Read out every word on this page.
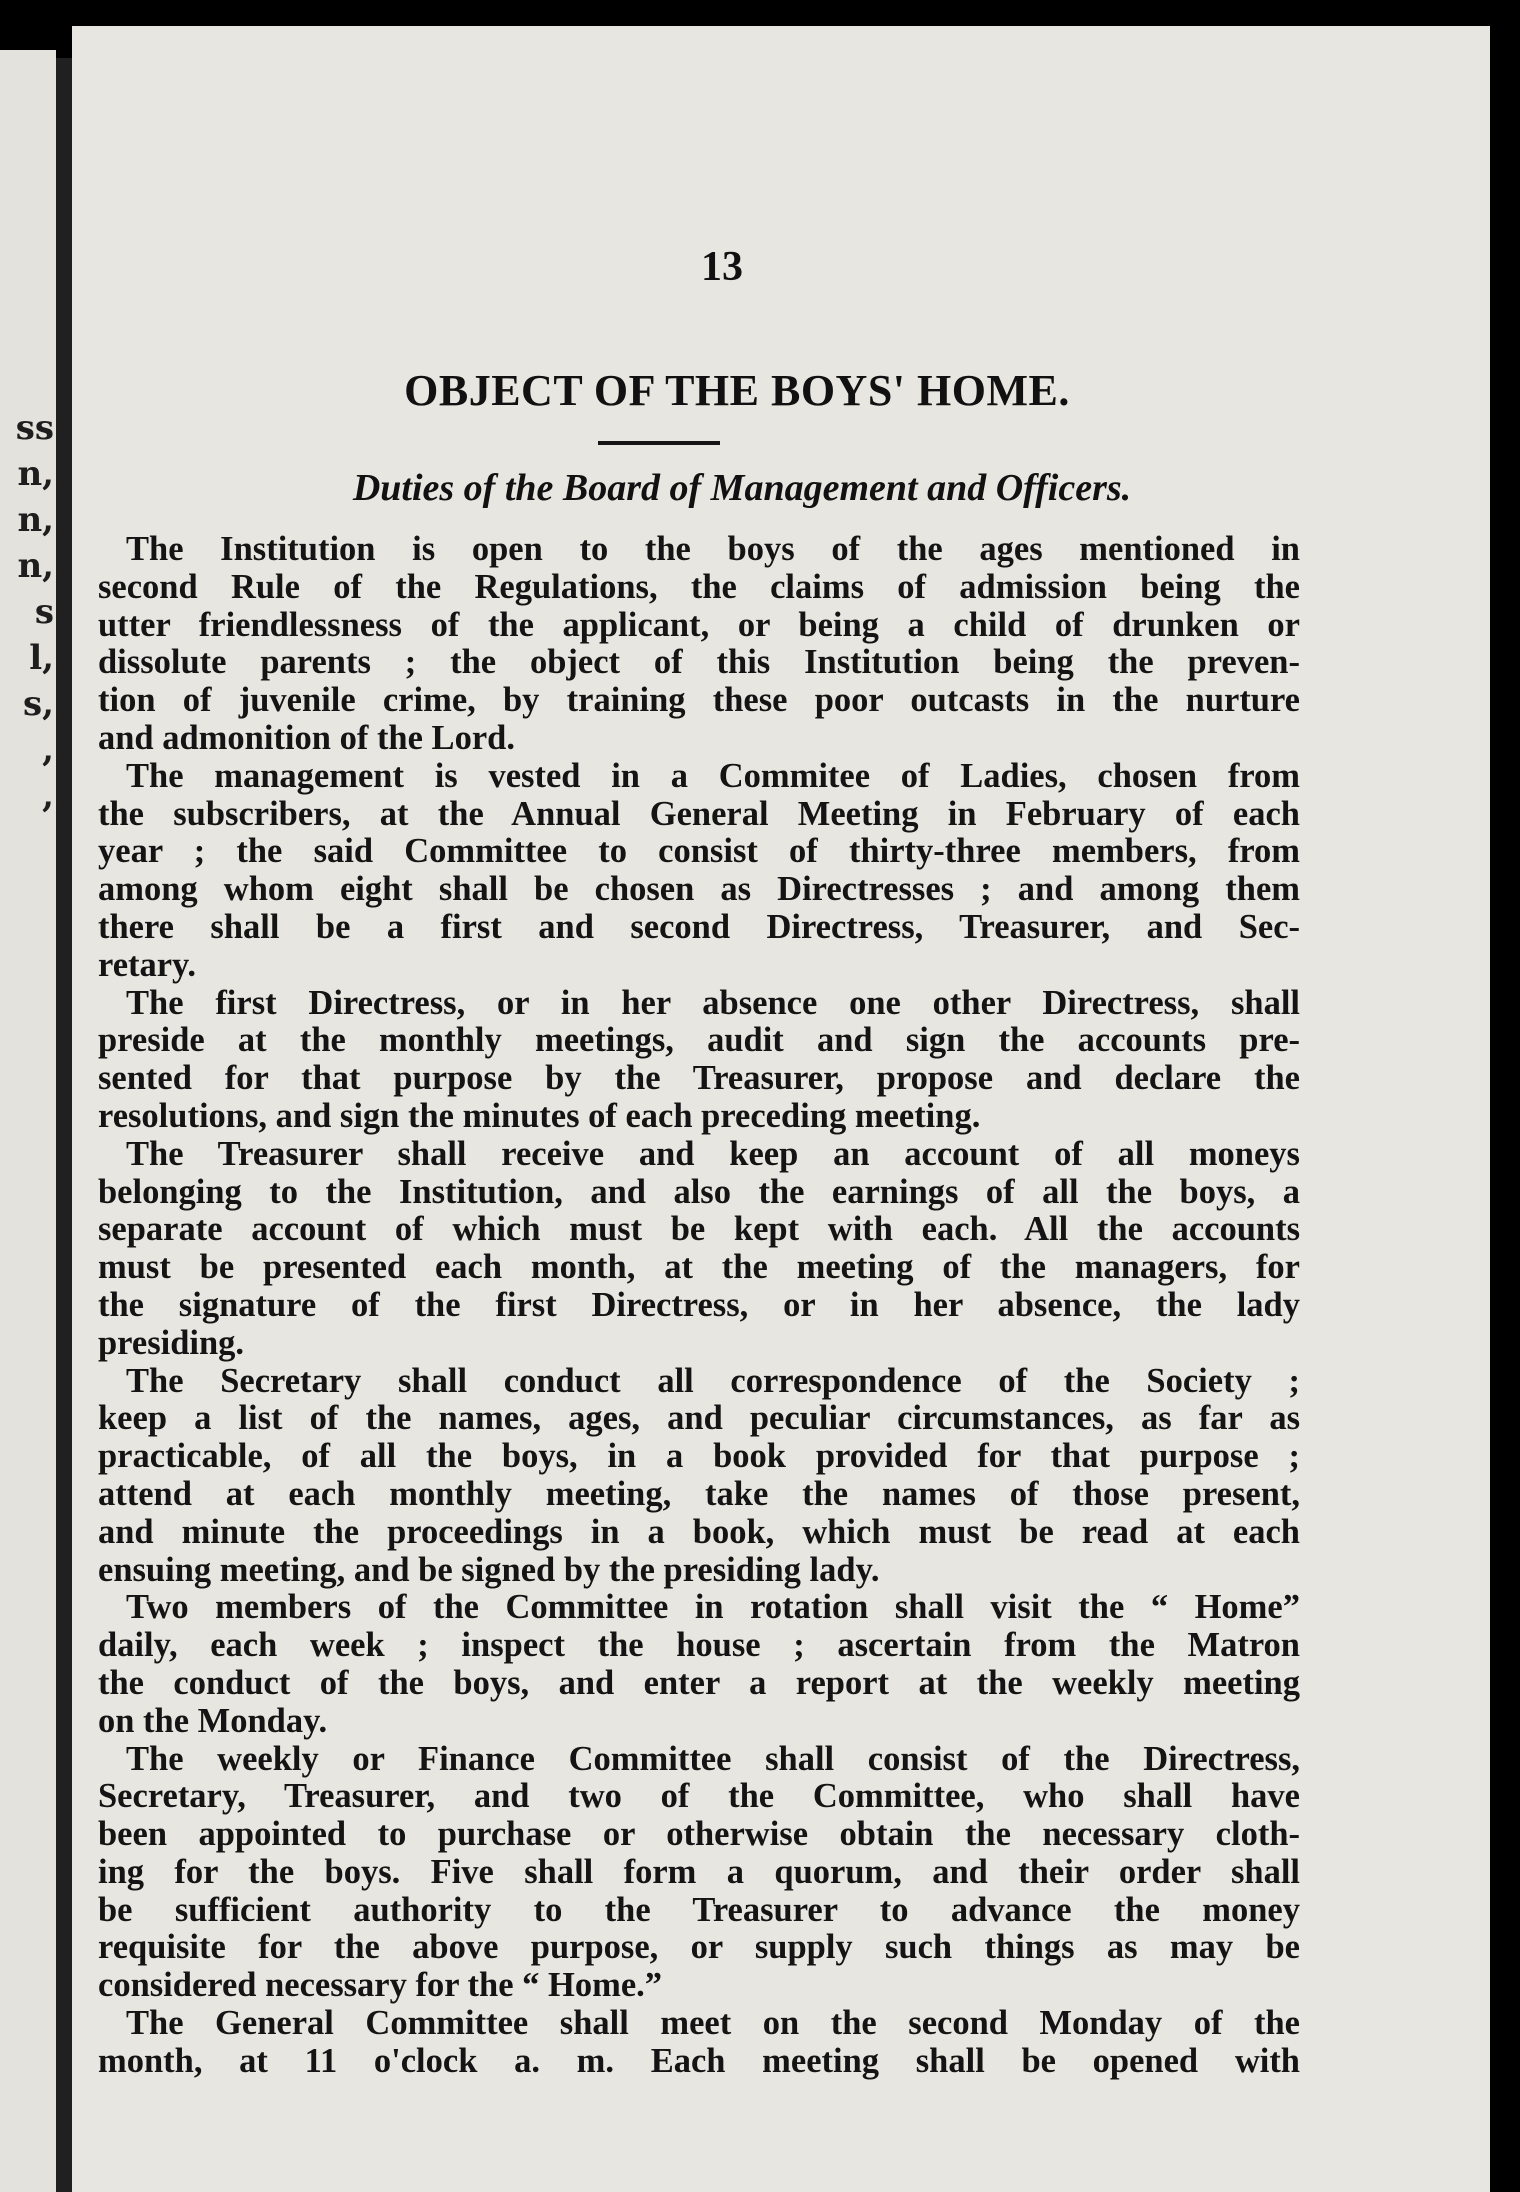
ss
n,
n,
n,
s
l,
s,
,
,
13
OBJECT OF THE BOYS' HOME.
Duties of the Board of Management and Officers.
The Institution is open to the boys of the ages mentioned in
second Rule of the Regulations, the claims of admission being the
utter friendlessness of the applicant, or being a child of drunken or
dissolute parents ; the object of this Institution being the preven-
tion of juvenile crime, by training these poor outcasts in the nurture
and admonition of the Lord.
The management is vested in a Commitee of Ladies, chosen from
the subscribers, at the Annual General Meeting in February of each
year ; the said Committee to consist of thirty-three members, from
among whom eight shall be chosen as Directresses ; and among them
there shall be a first and second Directress, Treasurer, and Sec-
retary.
The first Directress, or in her absence one other Directress, shall
preside at the monthly meetings, audit and sign the accounts pre-
sented for that purpose by the Treasurer, propose and declare the
resolutions, and sign the minutes of each preceding meeting.
The Treasurer shall receive and keep an account of all moneys
belonging to the Institution, and also the earnings of all the boys, a
separate account of which must be kept with each. All the accounts
must be presented each month, at the meeting of the managers, for
the signature of the first Directress, or in her absence, the lady
presiding.
The Secretary shall conduct all correspondence of the Society ;
keep a list of the names, ages, and peculiar circumstances, as far as
practicable, of all the boys, in a book provided for that purpose ;
attend at each monthly meeting, take the names of those present,
and minute the proceedings in a book, which must be read at each
ensuing meeting, and be signed by the presiding lady.
Two members of the Committee in rotation shall visit the “ Home”
daily, each week ; inspect the house ; ascertain from the Matron
the conduct of the boys, and enter a report at the weekly meeting
on the Monday.
The weekly or Finance Committee shall consist of the Directress,
Secretary, Treasurer, and two of the Committee, who shall have
been appointed to purchase or otherwise obtain the necessary cloth-
ing for the boys. Five shall form a quorum, and their order shall
be sufficient authority to the Treasurer to advance the money
requisite for the above purpose, or supply such things as may be
considered necessary for the “ Home.”
The General Committee shall meet on the second Monday of the
month, at 11 o'clock a. m. Each meeting shall be opened with
